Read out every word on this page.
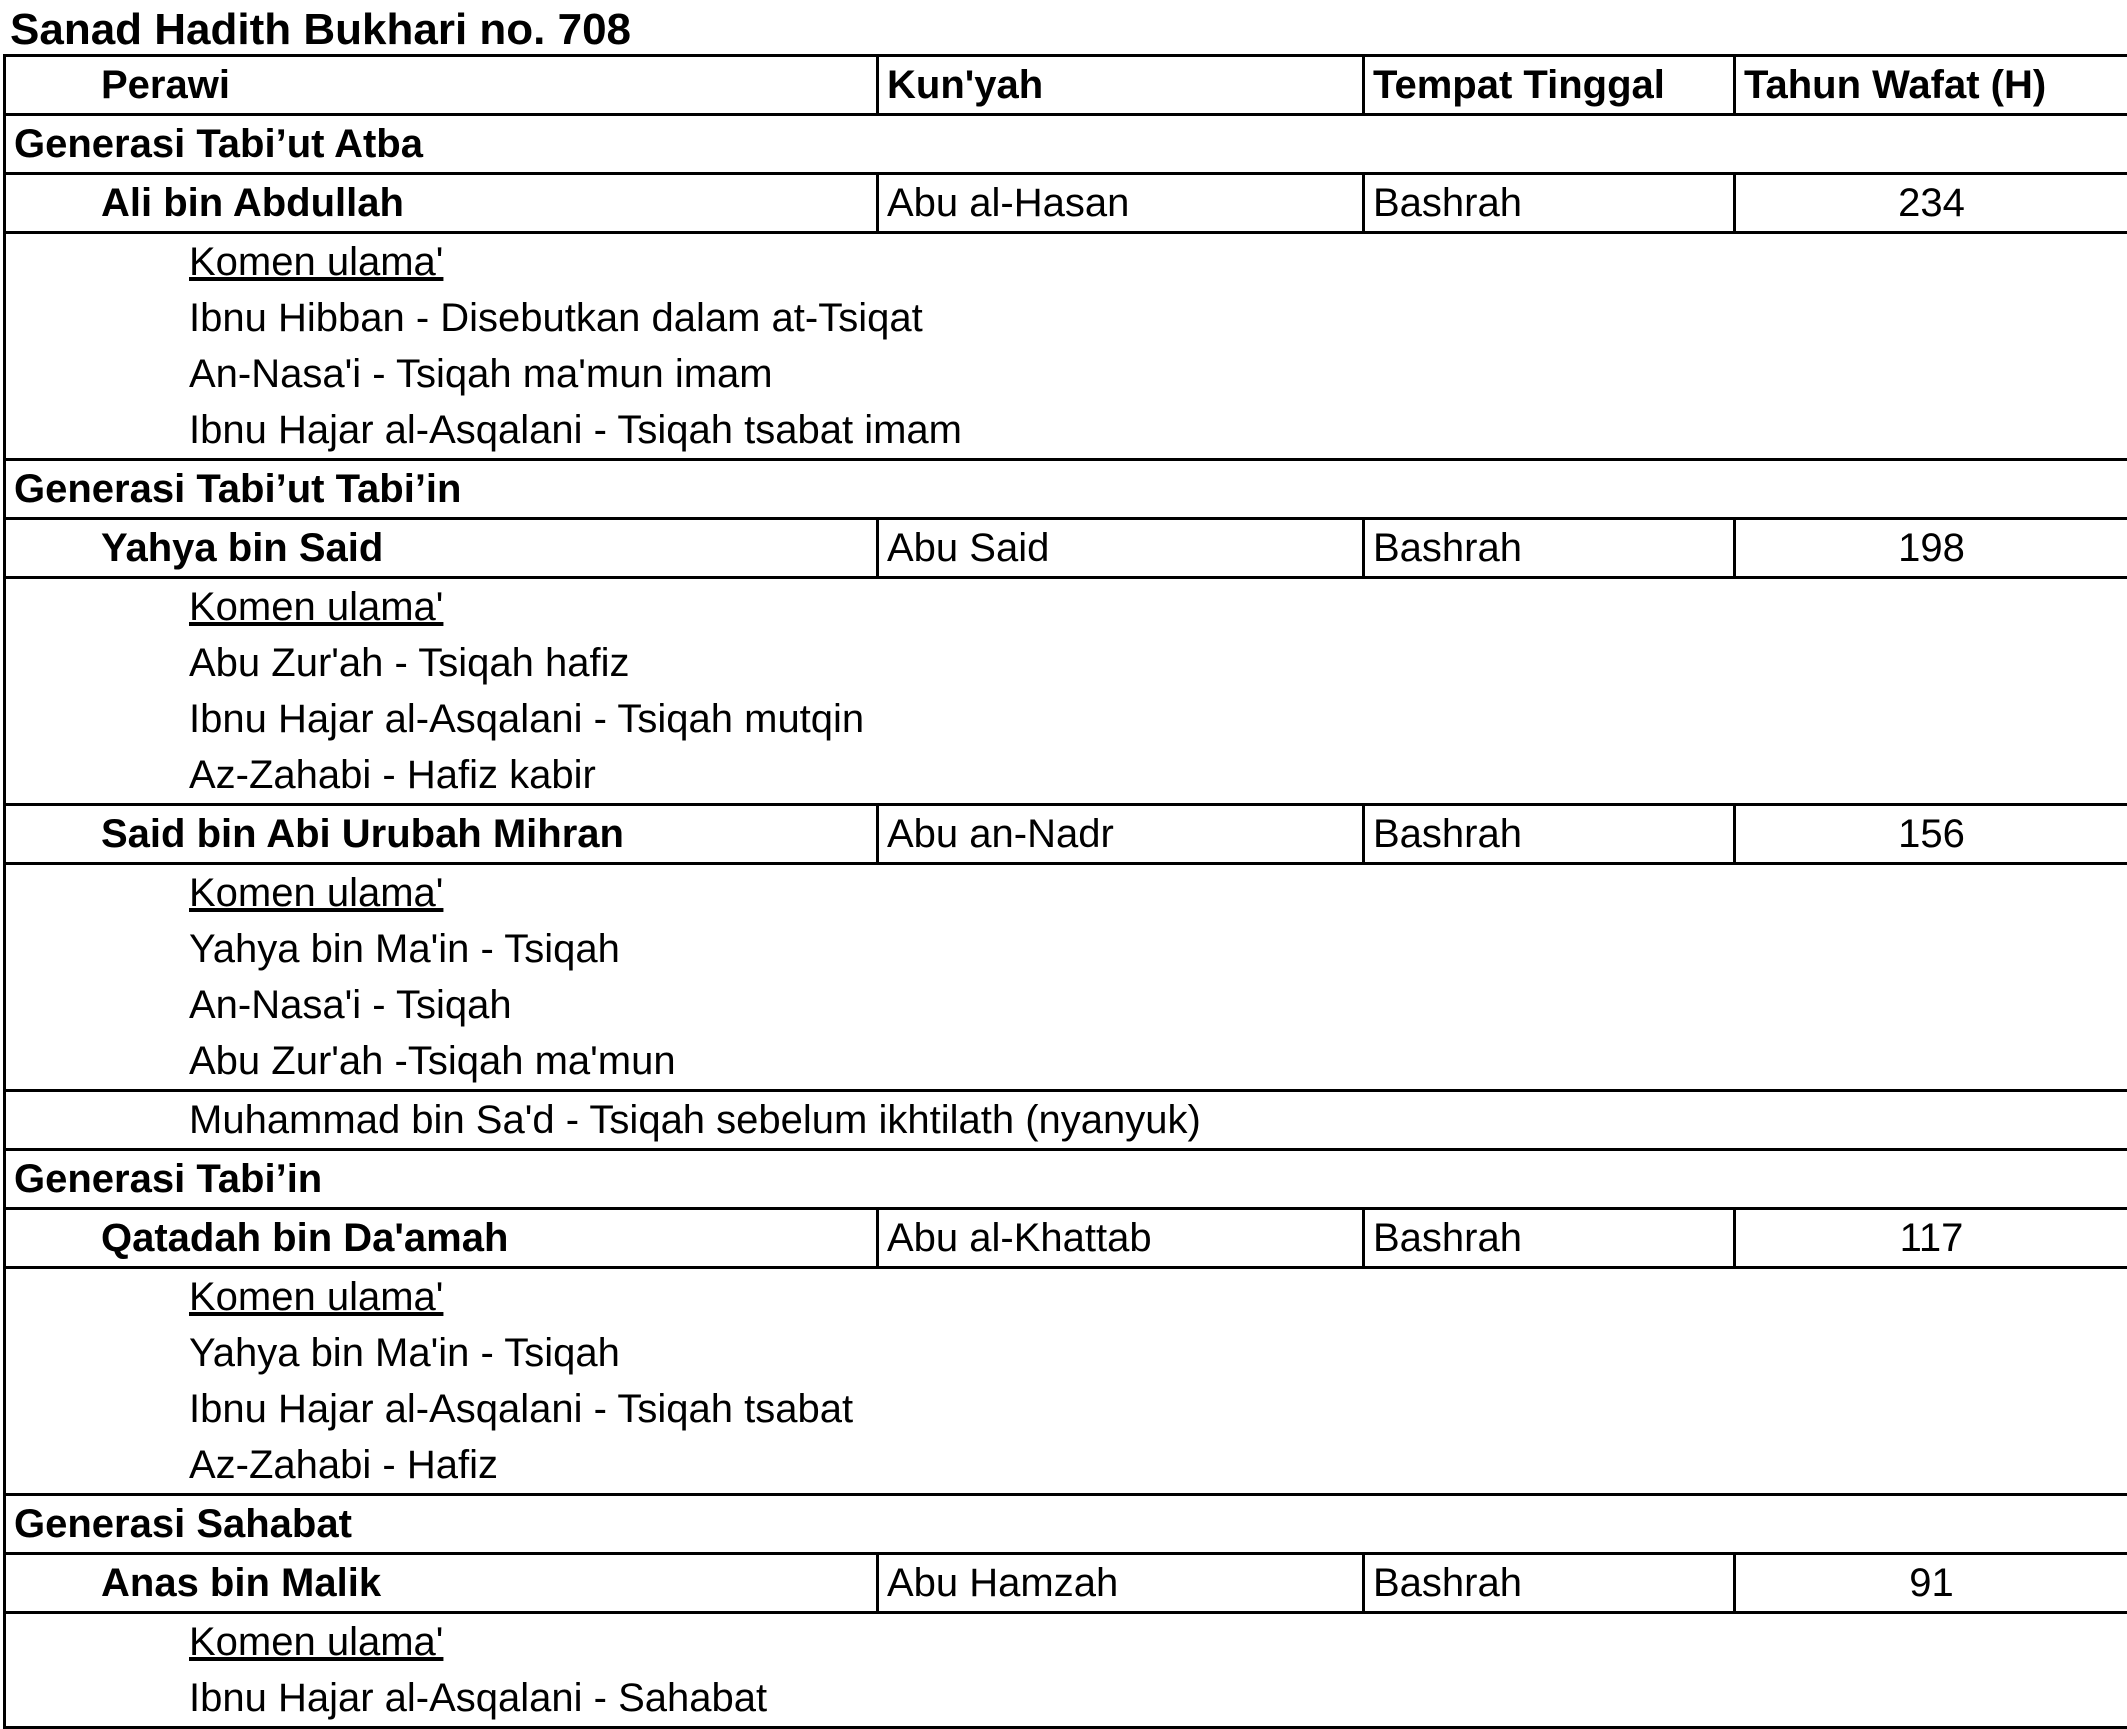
Sanad Hadith Bukhari no. 708
Perawi	Kun'yah	Tempat Tinggal	Tahun Wafat (H)
Generasi Tabi’ut Atba			
Ali bin Abdullah	Abu al-Hasan	Bashrah	234
Komen ulama'			
Ibnu Hibban - Disebutkan dalam at-Tsiqat			
An-Nasa'i - Tsiqah ma'mun imam			
Ibnu Hajar al-Asqalani - Tsiqah tsabat imam			
Generasi Tabi’ut Tabi’in			
Yahya bin Said	Abu Said	Bashrah	198
Komen ulama'			
Abu Zur'ah - Tsiqah hafiz			
Ibnu Hajar al-Asqalani - Tsiqah mutqin			
Az-Zahabi - Hafiz kabir			
Said bin Abi Urubah Mihran	Abu an-Nadr	Bashrah	156
Komen ulama'			
Yahya bin Ma'in - Tsiqah			
An-Nasa'i - Tsiqah			
Abu Zur'ah -Tsiqah ma'mun			
Muhammad bin Sa'd - Tsiqah sebelum ikhtilath (nyanyuk)			
Generasi Tabi’in			
Qatadah bin Da'amah	Abu al-Khattab	Bashrah	117
Komen ulama'			
Yahya bin Ma'in - Tsiqah			
Ibnu Hajar al-Asqalani - Tsiqah tsabat			
Az-Zahabi - Hafiz			
Generasi Sahabat			
Anas bin Malik	Abu Hamzah	Bashrah	91
Komen ulama'			
Ibnu Hajar al-Asqalani - Sahabat			
